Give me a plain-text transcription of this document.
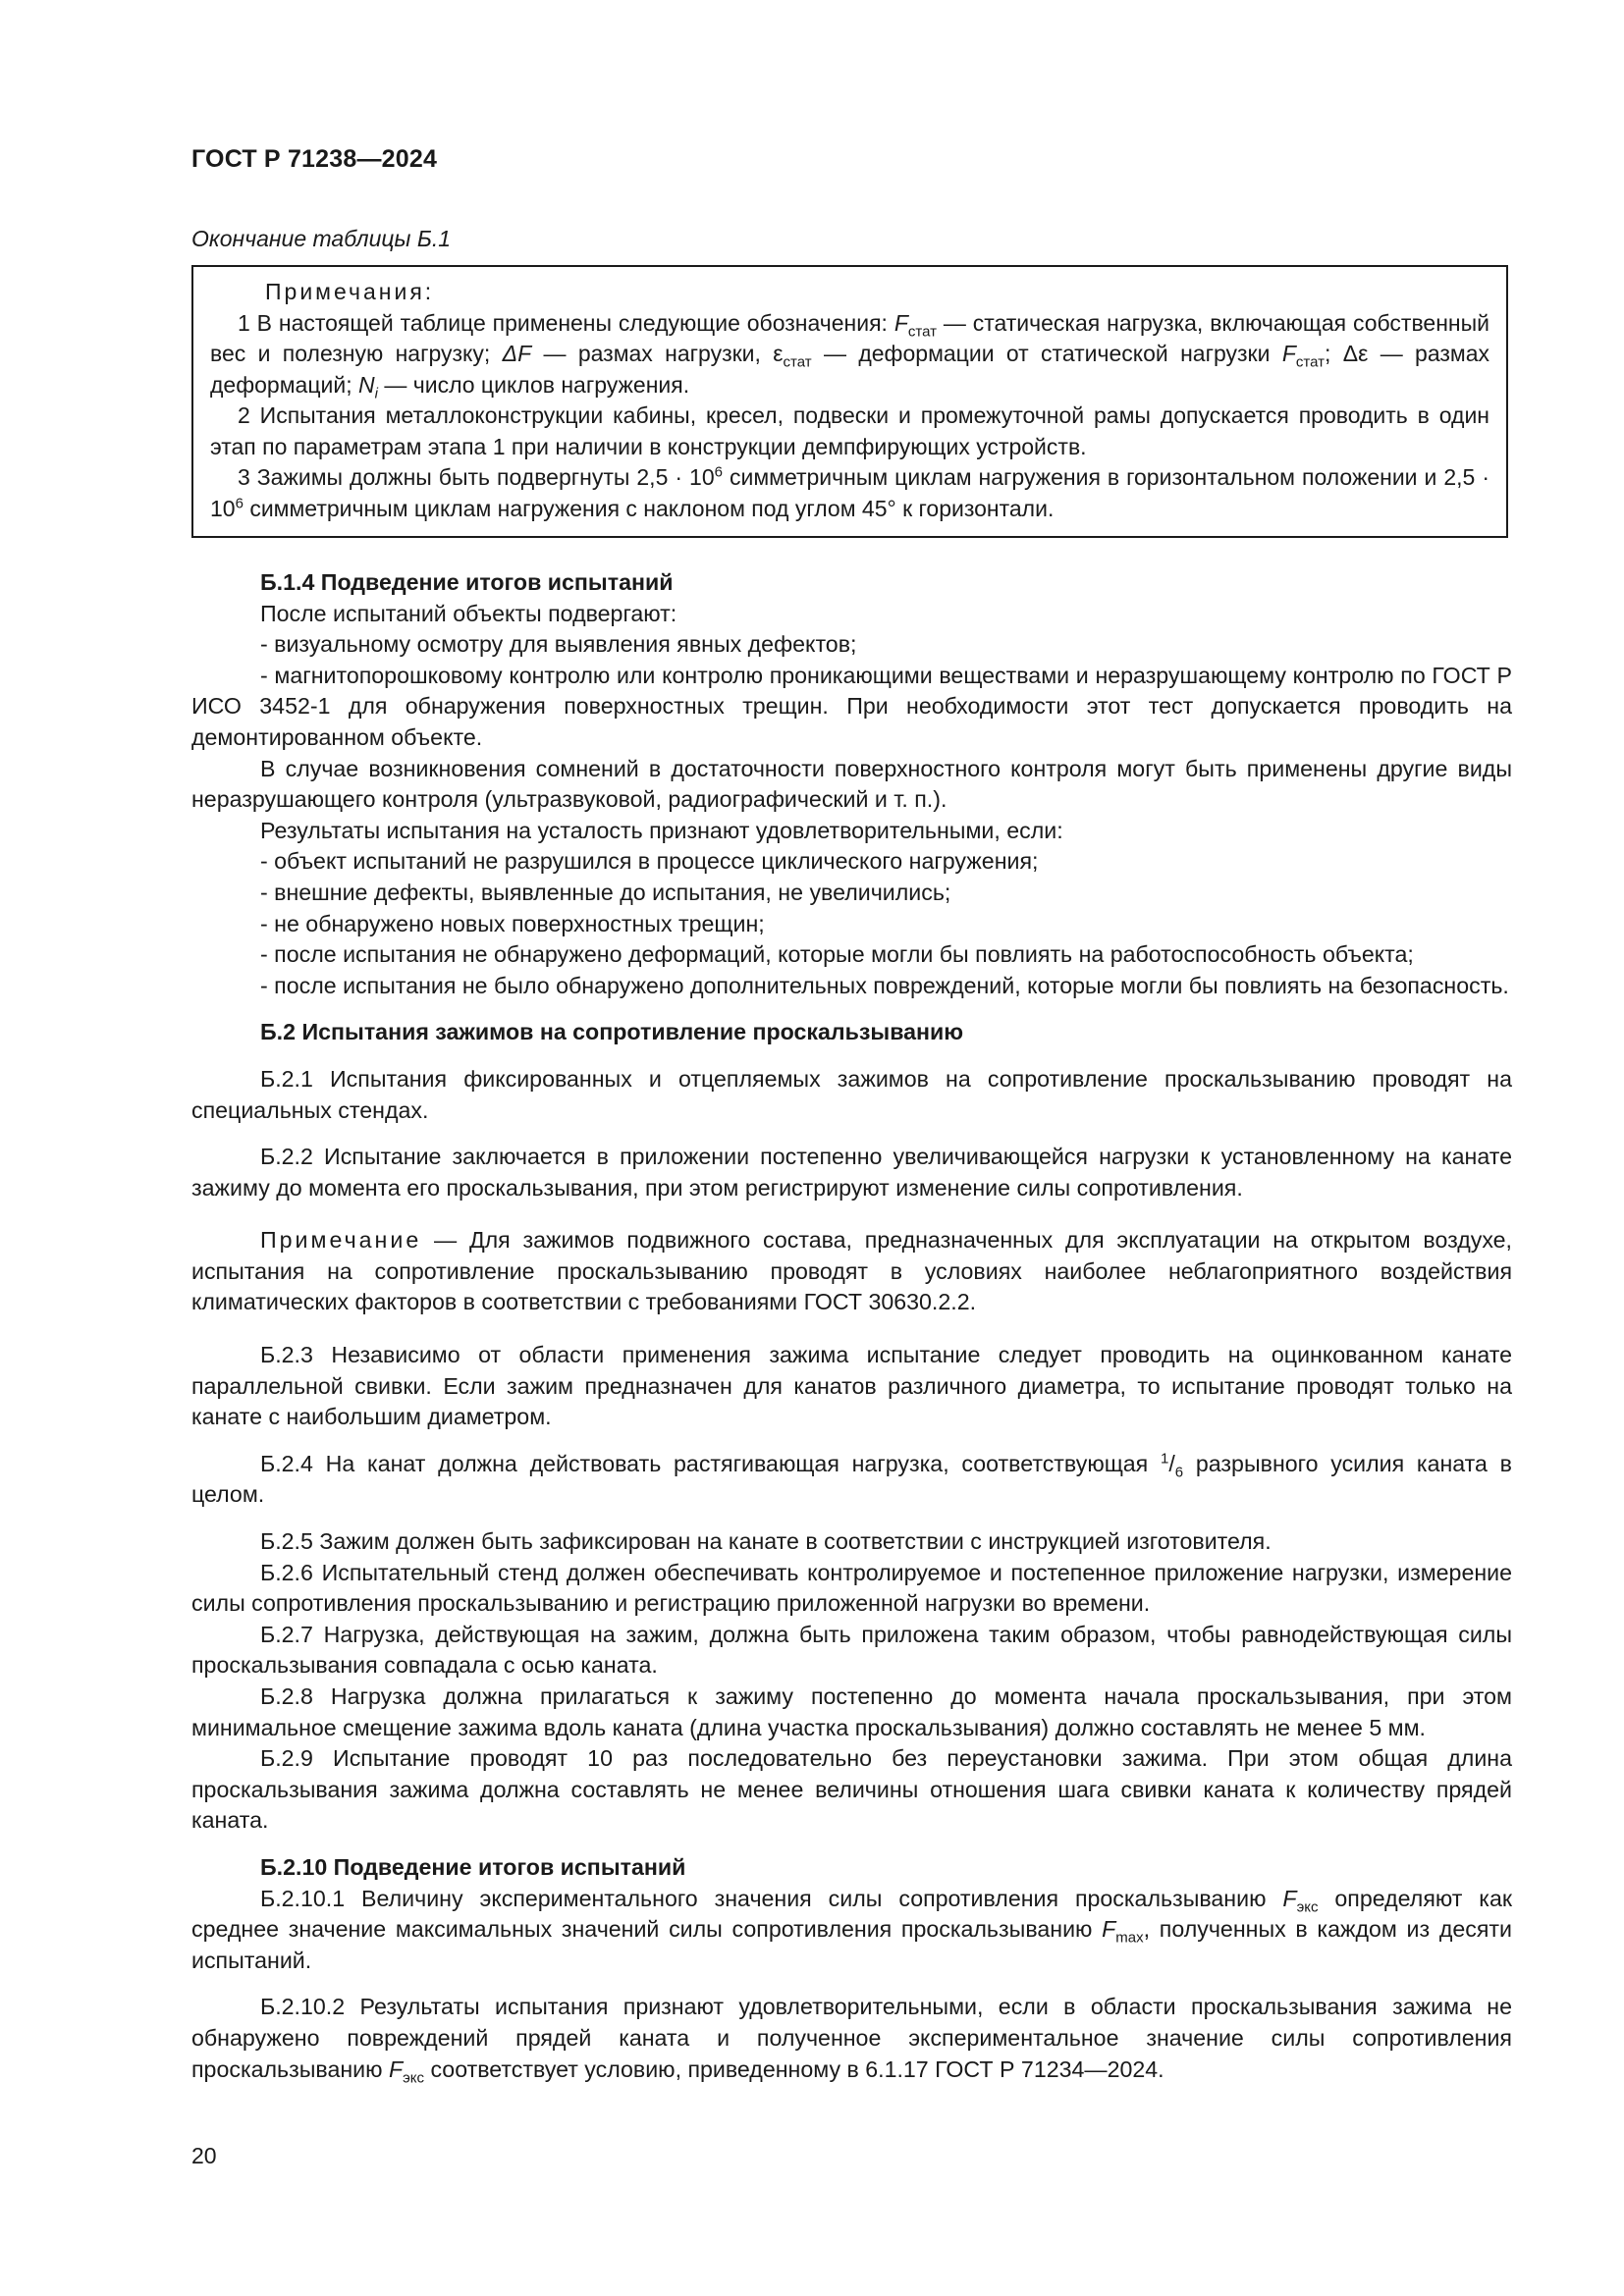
ГОСТ Р 71238—2024
Окончание таблицы Б.1

Примечания:

1 В настоящей таблице применены следующие обозначения: $F_{стат}$ — статическая нагрузка, включающая собственный вес и полезную нагрузку; ΔF — размах нагрузки, $\varepsilon_{стат}$ — деформации от статической нагрузки $F_{стат}$; Δε — размах деформаций; $N_i$ — число циклов нагружения.

2 Испытания металлоконструкции кабины, кресел, подвески и промежуточной рамы допускается проводить в один этап по параметрам этапа 1 при наличии в конструкции демпфирующих устройств.

3 Зажимы должны быть подвергнуты $2,5 \cdot 10^6$ симметричным циклам нагружения в горизонтальном положении и $2,5 \cdot 10^6$ симметричным циклам нагружения с наклоном под углом 45° к горизонтали.

Б.1.4 Подведение итогов испытаний

После испытаний объекты подвергают:

- визуальному осмотру для выявления явных дефектов;

- магнитопорошковому контролю или контролю проникающими веществами и неразрушающему контролю по ГОСТ Р ИСО 3452-1 для обнаружения поверхностных трещин. При необходимости этот тест допускается проводить на демонтированном объекте.

В случае возникновения сомнений в достаточности поверхностного контроля могут быть применены другие виды неразрушающего контроля (ультразвуковой, радиографический и т. п.).

Результаты испытания на усталость признают удовлетворительными, если:

- объект испытаний не разрушился в процессе циклического нагружения;

- внешние дефекты, выявленные до испытания, не увеличились;

- не обнаружено новых поверхностных трещин;

- после испытания не обнаружено деформаций, которые могли бы повлиять на работоспособность объекта;

- после испытания не было обнаружено дополнительных повреждений, которые могли бы повлиять на безопасность.

Б.2 Испытания зажимов на сопротивление проскальзыванию

Б.2.1 Испытания фиксированных и отцепляемых зажимов на сопротивление проскальзыванию проводят на специальных стендах.

Б.2.2 Испытание заключается в приложении постепенно увеличивающейся нагрузки к установленному на канате зажиму до момента его проскальзывания, при этом регистрируют изменение силы сопротивления.

Примечание — Для зажимов подвижного состава, предназначенных для эксплуатации на открытом воздухе, испытания на сопротивление проскальзыванию проводят в условиях наиболее неблагоприятного воздействия климатических факторов в соответствии с требованиями ГОСТ 30630.2.2.

Б.2.3 Независимо от области применения зажима испытание следует проводить на оцинкованном канате параллельной свивки. Если зажим предназначен для канатов различного диаметра, то испытание проводят только на канате с наибольшим диаметром.

Б.2.4 На канат должна действовать растягивающая нагрузка, соответствующая $^1/_6$ разрывного усилия каната в целом.

Б.2.5 Зажим должен быть зафиксирован на канате в соответствии с инструкцией изготовителя.

Б.2.6 Испытательный стенд должен обеспечивать контролируемое и постепенное приложение нагрузки, измерение силы сопротивления проскальзыванию и регистрацию приложенной нагрузки во времени.

Б.2.7 Нагрузка, действующая на зажим, должна быть приложена таким образом, чтобы равнодействующая силы проскальзывания совпадала с осью каната.

Б.2.8 Нагрузка должна прилагаться к зажиму постепенно до момента начала проскальзывания, при этом минимальное смещение зажима вдоль каната (длина участка проскальзывания) должно составлять не менее 5 мм.

Б.2.9 Испытание проводят 10 раз последовательно без переустановки зажима. При этом общая длина проскальзывания зажима должна составлять не менее величины отношения шага свивки каната к количеству прядей каната.

Б.2.10 Подведение итогов испытаний

Б.2.10.1 Величину экспериментального значения силы сопротивления проскальзыванию $F_{экс}$ определяют как среднее значение максимальных значений силы сопротивления проскальзыванию $F_{max}$, полученных в каждом из десяти испытаний.

Б.2.10.2 Результаты испытания признают удовлетворительными, если в области проскальзывания зажима не обнаружено повреждений прядей каната и полученное экспериментальное значение силы сопротивления проскальзыванию $F_{экс}$ соответствует условию, приведенному в 6.1.17 ГОСТ Р 71234—2024.

20
